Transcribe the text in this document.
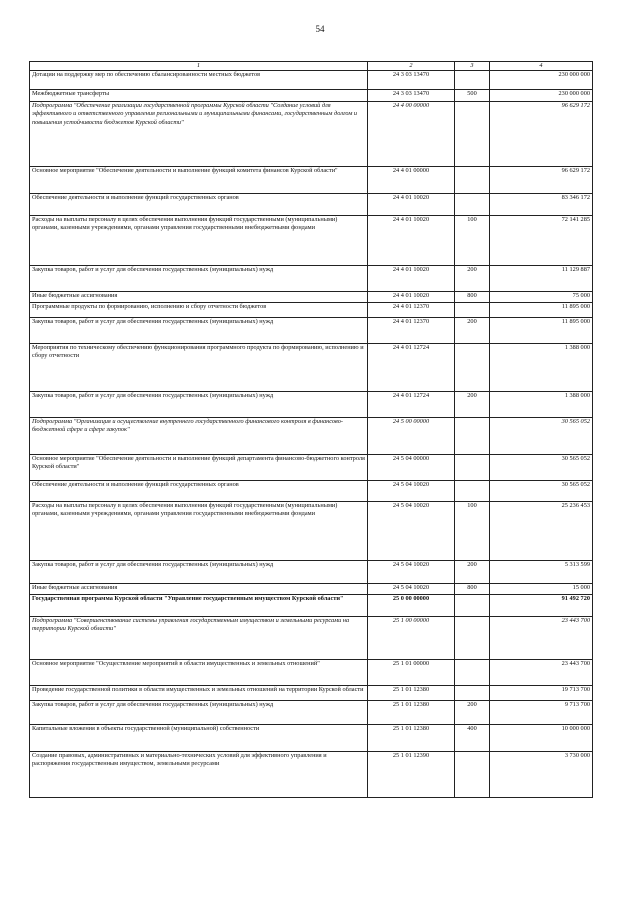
54
1	2	3	4
Дотации на поддержку мер по обеспечению сбалансированности местных бюджетов	24 3 03 13470		230 000 000
Межбюджетные трансферты	24 3 03 13470	500	230 000 000
Подпрограмма "Обеспечение реализации государственной программы Курской области "Создание условий для эффективного и ответственного управления региональными и муниципальными финансами, государственным долгом и повышения устойчивости бюджетов Курской области"	24 4 00 00000		96 629 172
Основное мероприятие "Обеспечение деятельности и выполнение функций комитета финансов Курской области"	24 4 01 00000		96 629 172
Обеспечение деятельности и выполнение функций государственных органов	24 4 01 10020		83 346 172
Расходы на выплаты персоналу в целях обеспечения выполнения функций государственными (муниципальными) органами, казенными учреждениями, органами управления государственными внебюджетными фондами	24 4 01 10020	100	72 141 285
Закупка товаров, работ и услуг для обеспечения государственных (муниципальных) нужд	24 4 01 10020	200	11 129 887
Иные бюджетные ассигнования	24 4 01 10020	800	75 000
Программные продукты по формированию, исполнению и сбору отчетности бюджетов	24 4 01 12370		11 895 000
Закупка товаров, работ и услуг для обеспечения государственных (муниципальных) нужд	24 4 01 12370	200	11 895 000
Мероприятия по техническому обеспечению функционирования программного продукта по формированию, исполнению и сбору отчетности	24 4 01 12724		1 388 000
Закупка товаров, работ и услуг для обеспечения государственных (муниципальных) нужд	24 4 01 12724	200	1 388 000
Подпрограмма "Организация и осуществление внутреннего государственного финансового контроля в финансово-бюджетной сфере и сфере закупок"	24 5 00 00000		30 565 052
Основное мероприятие "Обеспечение деятельности и выполнение функций департамента финансово-бюджетного контроля Курской области"	24 5 04 00000		30 565 052
Обеспечение деятельности и выполнение функций государственных органов	24 5 04 10020		30 565 052
Расходы на выплаты персоналу в целях обеспечения выполнения функций государственными (муниципальными) органами, казенными учреждениями, органами управления государственными внебюджетными фондами	24 5 04 10020	100	25 236 453
Закупка товаров, работ и услуг для обеспечения государственных (муниципальных) нужд	24 5 04 10020	200	5 313 599
Иные бюджетные ассигнования	24 5 04 10020	800	15 000
Государственная программа Курской области "Управление государственным имуществом Курской области"	25 0 00 00000		91 492 720
Подпрограмма "Совершенствование системы управления государственным имуществом и земельными ресурсами на территории Курской области"	25 1 00 00000		23 443 700
Основное мероприятие "Осуществление мероприятий в области имущественных и земельных отношений"	25 1 01 00000		23 443 700
Проведение государственной политики в области имущественных и земельных отношений на территории Курской области	25 1 01 12380		19 713 700
Закупка товаров, работ и услуг для обеспечения государственных (муниципальных) нужд	25 1 01 12380	200	9 713 700
Капитальные вложения в объекты государственной (муниципальной) собственности	25 1 01 12380	400	10 000 000
Создание правовых, административных и материально-технических условий для эффективного управления и распоряжения государственным имуществом, земельными ресурсами	25 1 01 12390		3 730 000
